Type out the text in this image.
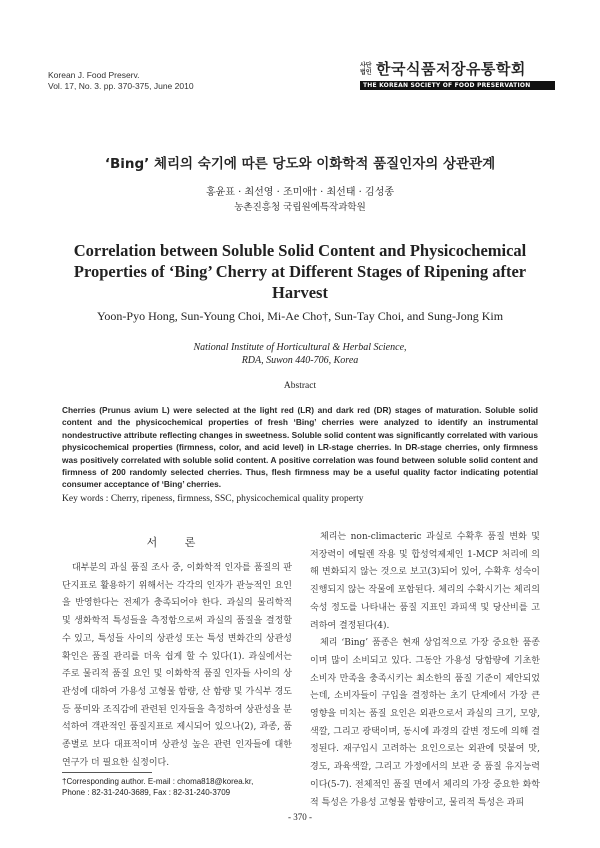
Korean J. Food Preserv.
Vol. 17, No. 3. pp. 370-375, June 2010
사단법인 한국식품저장유통학회
THE KOREAN SOCIETY OF FOOD PRESERVATION
‘Bing’ 체리의 숙기에 따른 당도와 이화학적 품질인자의 상관관계
홍윤표 · 최선영 · 조미애† · 최선태 · 김성종
농촌진흥청 국립원예특작과학원
Correlation between Soluble Solid Content and Physicochemical Properties of ‘Bing’ Cherry at Different Stages of Ripening after Harvest
Yoon-Pyo Hong, Sun-Young Choi, Mi-Ae Cho†, Sun-Tay Choi, and Sung-Jong Kim
National Institute of Horticultural & Herbal Science,
RDA, Suwon 440-706, Korea
Abstract
Cherries (Prunus avium L) were selected at the light red (LR) and dark red (DR) stages of maturation. Soluble solid content and the physicochemical properties of fresh ‘Bing’ cherries were analyzed to identify an instrumental nondestructive attribute reflecting changes in sweetness. Soluble solid content was significantly correlated with various physicochemical properties (firmness, color, and acid level) in LR-stage cherries. In DR-stage cherries, only firmness was positively correlated with soluble solid content. A positive correlation was found between soluble solid content and firmness of 200 randomly selected cherries. Thus, flesh firmness may be a useful quality factor indicating potential consumer acceptance of ‘Bing’ cherries.
Key words : Cherry, ripeness, firmness, SSC, physicochemical quality property
서 론
대부분의 과실 품질 조사 중, 이화학적 인자를 품질의 판단지표로 활용하기 위해서는 각각의 인자가 관능적인 요인을 반영한다는 전제가 충족되어야 한다. 과실의 물리학적 및 생화학적 특성들을 측정함으로써 과실의 품질을 결정할 수 있고, 특성들 사이의 상관성 또는 특성 변화간의 상관성 확인은 품질 관리를 더욱 쉽게 할 수 있다(1). 과실에서는 주로 물리적 품질 요인 및 이화학적 품질 인자들 사이의 상관성에 대하여 가용성 고형물 함량, 산 함량 및 가식부 경도 등 풍미와 조직감에 관련된 인자들을 측정하여 상관성을 분석하여 객관적인 품질지표로 제시되어 있으나(2), 과종, 품종별로 보다 대표적이며 상관성 높은 관련 인자들에 대한 연구가 더 필요한 실정이다.

체리는 non-climacteric 과실로 수확후 품질 변화 및 저장력이 에틸렌 작용 및 합성억제제인 1-MCP 처리에 의해 변화되지 않는 것으로 보고(3)되어 있어, 수확후 성숙이 진행되지 않는 작물에 포함된다. 체리의 수확시기는 체리의 숙성 정도를 나타내는 품질 지표인 과피색 및 당산비를 고려하여 결정된다(4).

체리 ‘Bing’ 품종은 현재 상업적으로 가장 중요한 품종이며 많이 소비되고 있다. 그동안 가용성 당함량에 기초한 소비자 만족을 충족시키는 최소한의 품질 기준이 제안되었는데, 소비자들이 구입을 결정하는 초기 단계에서 가장 큰 영향을 미치는 품질 요인은 외관으로서 과실의 크기, 모양, 색깔, 그리고 광택이며, 동시에 과경의 갈변 정도에 의해 결정된다. 재구입시 고려하는 요인으로는 외관에 덧붙여 맛, 경도, 과육색깔, 그리고 가정에서의 보관 중 품질 유지능력이다(5-7). 전체적인 품질 면에서 체리의 가장 중요한 화학적 특성은 가용성 고형물 함량이고, 물리적 특성은 과피

†Corresponding author. E-mail : choma818@korea.kr,
Phone : 82-31-240-3689, Fax : 82-31-240-3709
- 370 -
